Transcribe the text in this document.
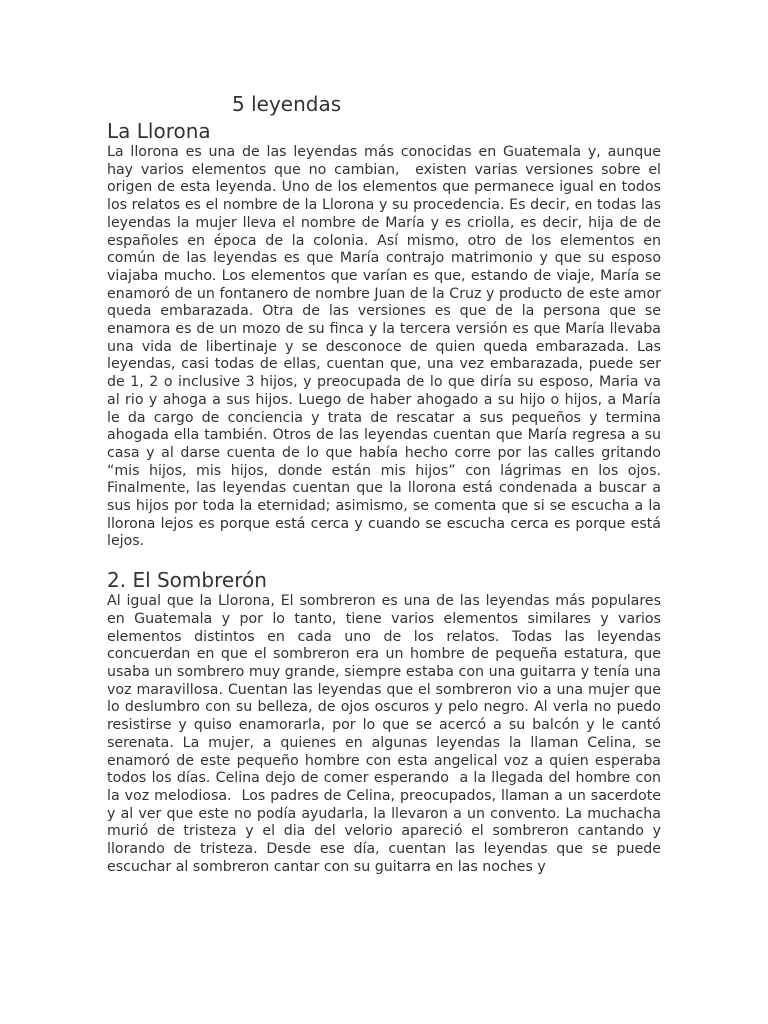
5 leyendas
La Llorona

La llorona es una de las leyendas más conocidas en Guatemala y, aunque hay varios elementos que no cambian,  existen varias versiones sobre el origen de esta leyenda. Uno de los elementos que permanece igual en todos los relatos es el nombre de la Llorona y su procedencia. Es decir, en todas las leyendas la mujer lleva el nombre de María y es criolla, es decir, hija de de españoles en época de la colonia. Así mismo, otro de los elementos en común de las leyendas es que María contrajo matrimonio y que su esposo viajaba mucho. Los elementos que varían es que, estando de viaje, María se enamoró de un fontanero de nombre Juan de la Cruz y producto de este amor queda embarazada. Otra de las versiones es que de la persona que se enamora es de un mozo de su finca y la tercera versión es que María llevaba una vida de libertinaje y se desconoce de quien queda embarazada. Las leyendas, casi todas de ellas, cuentan que, una vez embarazada, puede ser de 1, 2 o inclusive 3 hijos, y preocupada de lo que diría su esposo, Maria va al rio y ahoga a sus hijos. Luego de haber ahogado a su hijo o hijos, a María le da cargo de conciencia y trata de rescatar a sus pequeños y termina ahogada ella también. Otros de las leyendas cuentan que María regresa a su casa y al darse cuenta de lo que había hecho corre por las calles gritando “mis hijos, mis hijos, donde están mis hijos” con lágrimas en los ojos. Finalmente, las leyendas cuentan que la llorona está condenada a buscar a sus hijos por toda la eternidad; asimismo, se comenta que si se escucha a la llorona lejos es porque está cerca y cuando se escucha cerca es porque está lejos.

2. El Sombrerón

Al igual que la Llorona, El sombreron es una de las leyendas más populares en Guatemala y por lo tanto, tiene varios elementos similares y varios elementos distintos en cada uno de los relatos. Todas las leyendas concuerdan en que el sombreron era un hombre de pequeña estatura, que usaba un sombrero muy grande, siempre estaba con una guitarra y tenía una voz maravillosa. Cuentan las leyendas que el sombreron vio a una mujer que lo deslumbro con su belleza, de ojos oscuros y pelo negro. Al verla no puedo resistirse y quiso enamorarla, por lo que se acercó a su balcón y le cantó serenata. La mujer, a quienes en algunas leyendas la llaman Celina, se enamoró de este pequeño hombre con esta angelical voz a quien esperaba todos los días. Celina dejo de comer esperando  a la llegada del hombre con la voz melodiosa.  Los padres de Celina, preocupados, llaman a un sacerdote y al ver que este no podía ayudarla, la llevaron a un convento. La muchacha murió de tristeza y el dia del velorio apareció el sombreron cantando y llorando de tristeza. Desde ese día, cuentan las leyendas que se puede escuchar al sombreron cantar con su guitarra en las noches y
